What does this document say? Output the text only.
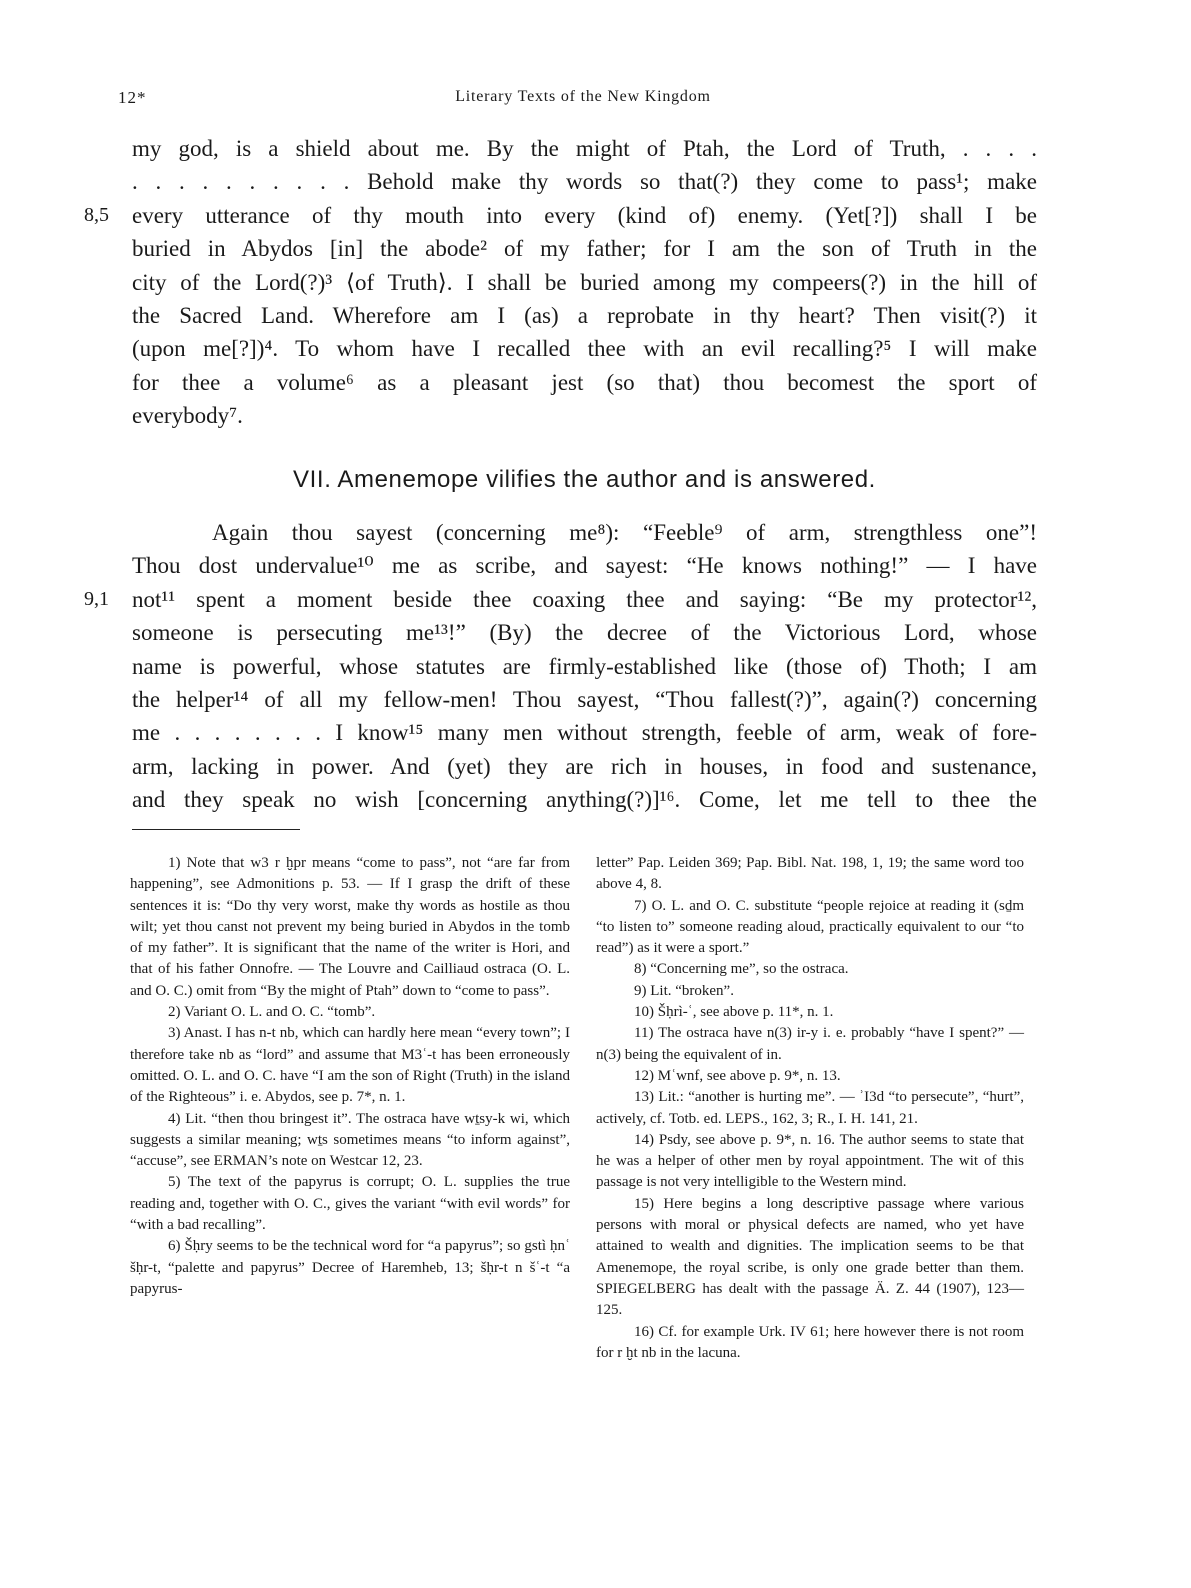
12*	Literary Texts of the New Kingdom
my god, is a shield about me. By the might of Ptah, the Lord of Truth, . . . .
. . . . . . . . . . Behold make thy words so that(?) they come to pass¹; make
8,5 every utterance of thy mouth into every (kind of) enemy. (Yet[?]) shall I be
buried in Abydos [in] the abode² of my father; for I am the son of Truth in the
city of the Lord(?)³ ⟨of Truth⟩. I shall be buried among my compeers(?) in the hill of
the Sacred Land. Wherefore am I (as) a reprobate in thy heart? Then visit(?) it
(upon me[?])⁴. To whom have I recalled thee with an evil recalling?⁵ I will make
for thee a volume⁶ as a pleasant jest (so that) thou becomest the sport of
everybody⁷.
VII. Amenemope vilifies the author and is answered.
Again thou sayest (concerning me⁸): “Feeble⁹ of arm, strengthless one”!
Thou dost undervalue¹⁰ me as scribe, and sayest: “He knows nothing!” — I have
9,1 not¹¹ spent a moment beside thee coaxing thee and saying: “Be my protector¹²,
someone is persecuting me¹³!” (By) the decree of the Victorious Lord, whose
name is powerful, whose statutes are firmly-established like (those of) Thoth; I am
the helper¹⁴ of all my fellow-men! Thou sayest, “Thou fallest(?)”, again(?) concerning
me . . . . . . . . I know¹⁵ many men without strength, feeble of arm, weak of fore-
arm, lacking in power. And (yet) they are rich in houses, in food and sustenance,
and they speak no wish [concerning anything(?)]¹⁶. Come, let me tell to thee the

1) Note that w3 r ḫpr means “come to pass”, not “are far from happening”, see Admonitions p. 53. — If I grasp the drift of these sentences it is: “Do thy very worst, make thy words as hostile as thou wilt; yet thou canst not prevent my being buried in Abydos in the tomb of my father”. It is significant that the name of the writer is Hori, and that of his father Onnofre. — The Louvre and Cailliaud ostraca (O. L. and O. C.) omit from “By the might of Ptah” down to “come to pass”.

2) Variant O. L. and O. C. “tomb”.

3) Anast. I has n-t nb, which can hardly here mean “every town”; I therefore take nb as “lord” and assume that M3ʿ-t has been erroneously omitted. O. L. and O. C. have “I am the son of Right (Truth) in the island of the Righteous” i. e. Abydos, see p. 7*, n. 1.

4) Lit. “then thou bringest it”. The ostraca have wṯsy-k wi, which suggests a similar meaning; wṯs sometimes means “to inform against”, “accuse”, see ERMAN’s note on Westcar 12, 23.

5) The text of the papyrus is corrupt; O. L. supplies the true reading and, together with O. C., gives the variant “with evil words” for “with a bad recalling”.

6) Šḥry seems to be the technical word for “a papyrus”; so gstì ḥnʿ šḥr-t, “palette and papyrus” Decree of Haremheb, 13; šḥr-t n šʿ-t “a papyrus-

letter” Pap. Leiden 369; Pap. Bibl. Nat. 198, 1, 19; the same word too above 4, 8.

7) O. L. and O. C. substitute “people rejoice at reading it (sḏm “to listen to” someone reading aloud, practically equivalent to our “to read”) as it were a sport.”

8) “Concerning me”, so the ostraca.

9) Lit. “broken”.

10) Šḥrì-ʿ, see above p. 11*, n. 1.

11) The ostraca have n(3) ir-y i. e. probably “have I spent?” — n(3) being the equivalent of in.

12) Mʿwnf, see above p. 9*, n. 13.

13) Lit.: “another is hurting me”. — ʾI3d “to persecute”, “hurt”, actively, cf. Totb. ed. LEPS., 162, 3; R., I. H. 141, 21.

14) Psdy, see above p. 9*, n. 16. The author seems to state that he was a helper of other men by royal appointment. The wit of this passage is not very intelligible to the Western mind.

15) Here begins a long descriptive passage where various persons with moral or physical defects are named, who yet have attained to wealth and dignities. The implication seems to be that Amenemope, the royal scribe, is only one grade better than them. SPIEGELBERG has dealt with the passage Ä. Z. 44 (1907), 123—125.

16) Cf. for example Urk. IV 61; here however there is not room for r ḫt nb in the lacuna.
